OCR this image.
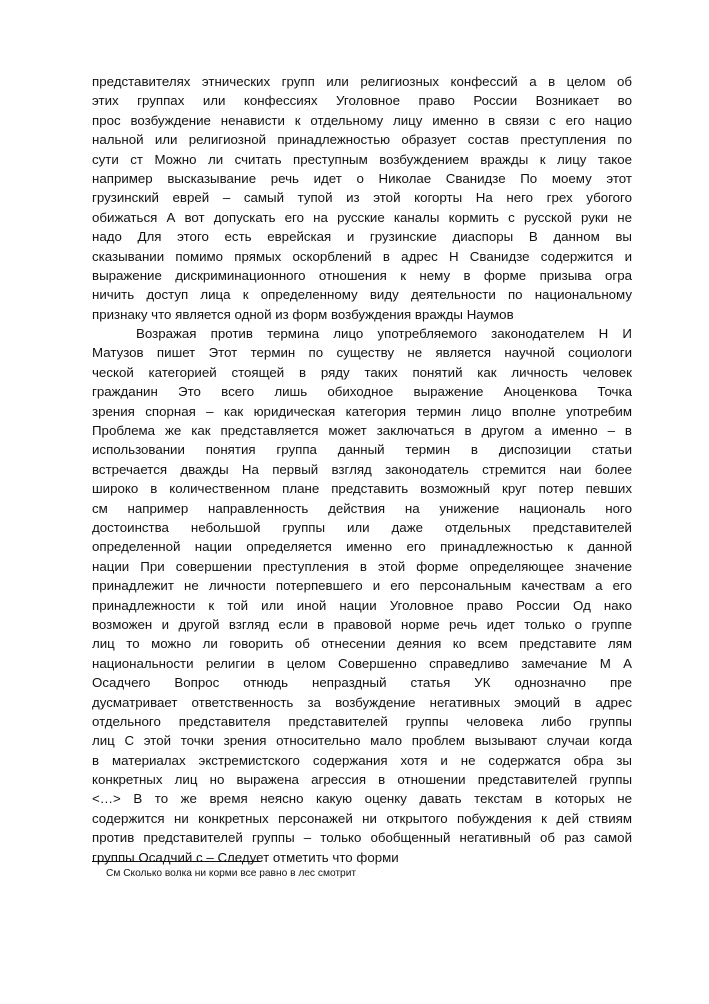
представителях этнических групп или религиозных конфессий а в целом об
этих группах или конфессиях Уголовное право России Возникает во
прос возбуждение ненависти к отдельному лицу именно в связи с его нацио
нальной или религиозной принадлежностью образует состав преступления по
сути ст Можно ли считать преступным возбуждением вражды к лицу такое
например высказывание речь идет о Николае Сванидзе По моему этот
грузинский еврей – самый тупой из этой когорты На него грех убогого
обижаться А вот допускать его на русские каналы кормить с русской руки не
надо Для этого есть еврейская и грузинские диаспоры В данном вы
сказывании помимо прямых оскорблений в адрес Н Сванидзе содержится и
выражение дискриминационного отношения к нему в форме призыва огра
ничить доступ лица к определенному виду деятельности по национальному
признаку что является одной из форм возбуждения вражды Наумов
Возражая против термина лицо употребляемого законодателем Н И
Матузов пишет Этот термин по существу не является научной социологи
ческой категорией стоящей в ряду таких понятий как личность человек
гражданин Это всего лишь обиходное выражение Аноценкова Точка
зрения спорная – как юридическая категория термин лицо вполне употребим
Проблема же как представляется может заключаться в другом а именно – в
использовании понятия группа данный термин в диспозиции статьи
встречается дважды На первый взгляд законодатель стремится наи более
широко в количественном плане представить возможный круг потер певших
см например направленность действия на унижение националь ного
достоинства небольшой группы или даже отдельных представителей
определенной нации определяется именно его принадлежностью к данной
нации При совершении преступления в этой форме определяющее значение
принадлежит не личности потерпевшего и его персональным качествам а его
принадлежности к той или иной нации Уголовное право России Од нако
возможен и другой взгляд если в правовой норме речь идет только о группе
лиц то можно ли говорить об отнесении деяния ко всем представите лям
национальности религии в целом Совершенно справедливо замечание М А
Осадчего Вопрос отнюдь непраздный статья УК однозначно пре
дусматривает ответственность за возбуждение негативных эмоций в адрес
отдельного представителя представителей группы человека либо группы
лиц С этой точки зрения относительно мало проблем вызывают случаи когда
в материалах экстремистского содержания хотя и не содержатся обра зы
конкретных лиц но выражена агрессия в отношении представителей группы
<…> В то же время неясно какую оценку давать текстам в которых не
содержится ни конкретных персонажей ни открытого побуждения к дей ствиям
против представителей группы – только обобщенный негативный об раз самой
группы Осадчий с – Следует отметить что форми
См Сколько волка ни корми все равно в лес смотрит
